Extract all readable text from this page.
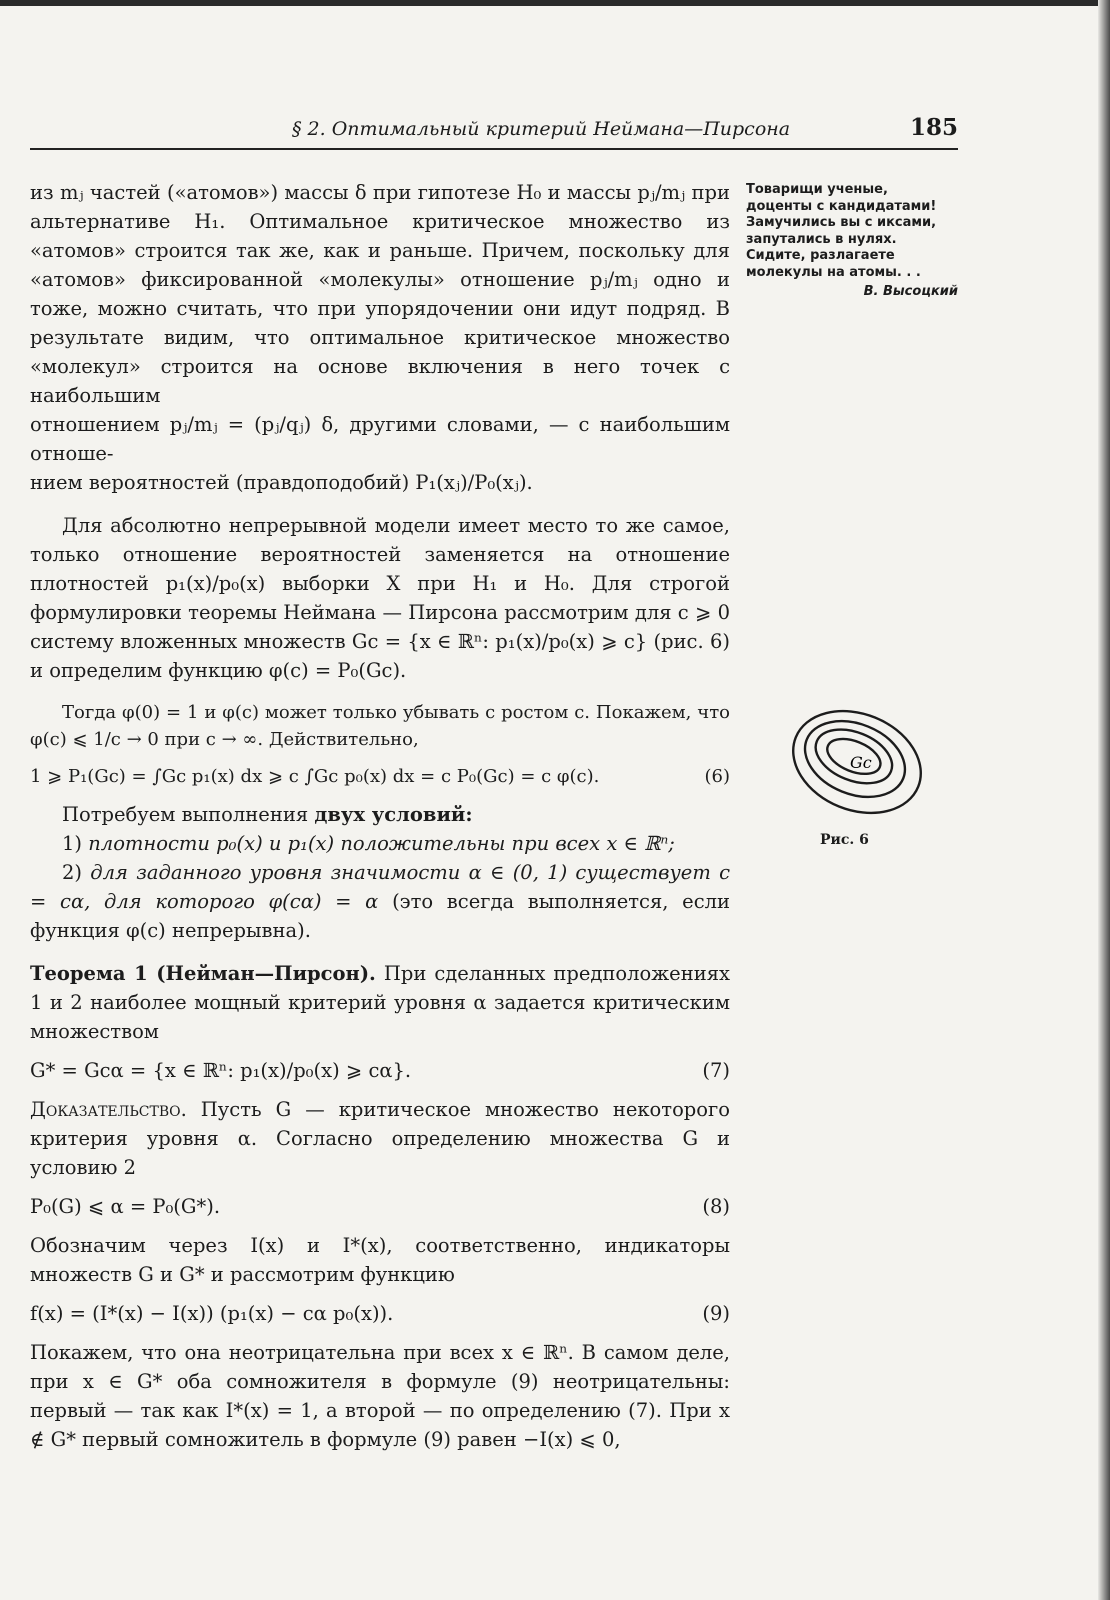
§ 2. Оптимальный критерий Неймана—Пирсона	185

из mⱼ частей («атомов») массы δ при гипотезе H₀ и массы pⱼ/mⱼ при альтернативе H₁. Оптимальное критическое множество из «атомов» строится так же, как и раньше. Причем, поскольку для «атомов» фиксированной «молекулы» отношение pⱼ/mⱼ одно и тоже, можно считать, что при упорядочении они идут подряд. В результате видим, что оптимальное критическое множество «молекул» строится на основе включения в него точек с наибольшим

отношением pⱼ/mⱼ = (pⱼ/qⱼ) δ, другими словами, — с наибольшим отноше-

нием вероятностей (правдоподобий) P₁(xⱼ)/P₀(xⱼ).

Для абсолютно непрерывной модели имеет место то же самое, только отношение вероятностей заменяется на отношение плотностей p₁(x)/p₀(x) выборки X при H₁ и H₀. Для строгой формулировки теоремы Неймана — Пирсона рассмотрим для c ⩾ 0 систему вложенных множеств Gc = {x ∈ ℝⁿ: p₁(x)/p₀(x) ⩾ c} (рис. 6) и определим функцию φ(c) = P₀(Gc).

Тогда φ(0) = 1 и φ(c) может только убывать с ростом c. Покажем, что φ(c) ⩽ 1/c → 0 при c → ∞. Действительно,

1 ⩾ P₁(Gc) = ∫Gc p₁(x) dx ⩾ c ∫Gc p₀(x) dx = c P₀(Gc) = c φ(c).	(6)

Потребуем выполнения двух условий:

1) плотности p₀(x) и p₁(x) положительны при всех x ∈ ℝⁿ;

2) для заданного уровня значимости α ∈ (0, 1) существует c = cα, для которого φ(cα) = α (это всегда выполняется, если функция φ(c) непрерывна).

Теорема 1 (Нейман—Пирсон). При сделанных предположениях 1 и 2 наиболее мощный критерий уровня α задается критическим множеством

G* = Gcα = {x ∈ ℝⁿ: p₁(x)/p₀(x) ⩾ cα}.	(7)

Доказательство. Пусть G — критическое множество некоторого критерия уровня α. Согласно определению множества G и условию 2

P₀(G) ⩽ α = P₀(G*).	(8)

Обозначим через I(x) и I*(x), соответственно, индикаторы множеств G и G* и рассмотрим функцию

f(x) = (I*(x) − I(x)) (p₁(x) − cα p₀(x)).	(9)

Покажем, что она неотрицательна при всех x ∈ ℝⁿ. В самом деле, при x ∈ G* оба сомножителя в формуле (9) неотрицательны: первый — так как I*(x) = 1, а второй — по определению (7). При x ∉ G* первый сомножитель в формуле (9) равен −I(x) ⩽ 0,

Товарищи ученые,
доценты с кандидатами!
Замучились вы с иксами,
запутались в нулях.
Сидите, разлагаете
молекулы на атомы. . .
В. Высоцкий
Gc
Рис. 6
